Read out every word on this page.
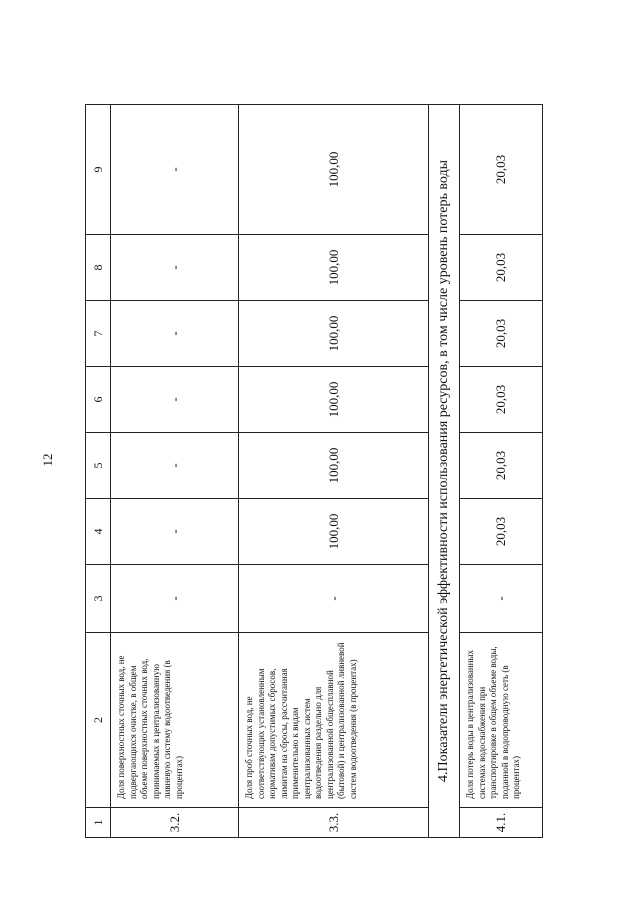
12
1	2	3	4	5	6	7	8	9
3.2.	Доля поверхностных сточных вод, не подвергающихся очистке, в общем объеме поверхностных сточных вод, принимаемых в централизованную ливневую систему водоотведения (в процентах)	-	-	-	-	-	-	-
3.3.	Доля проб сточных вод, не соответствующих установленным нормативам допустимых сбросов, лимитам на сбросы, рассчитанная применительно к видам централизованных систем водоотведения раздельно для централизованной общесплавной (бытовой) и централизованной ливневой систем водоотведения (в процентах)	-	100,00	100,00	100,00	100,00	100,00	100,00
4.Показатели энергетической эффективности использования ресурсов, в том числе уровень потерь воды								
4.1.	Доля потерь воды в централизованных системах водоснабжения при транспортировке в общем объеме воды, поданной в водопроводную сеть (в процентах)	-	20,03	20,03	20,03	20,03	20,03	20,03
